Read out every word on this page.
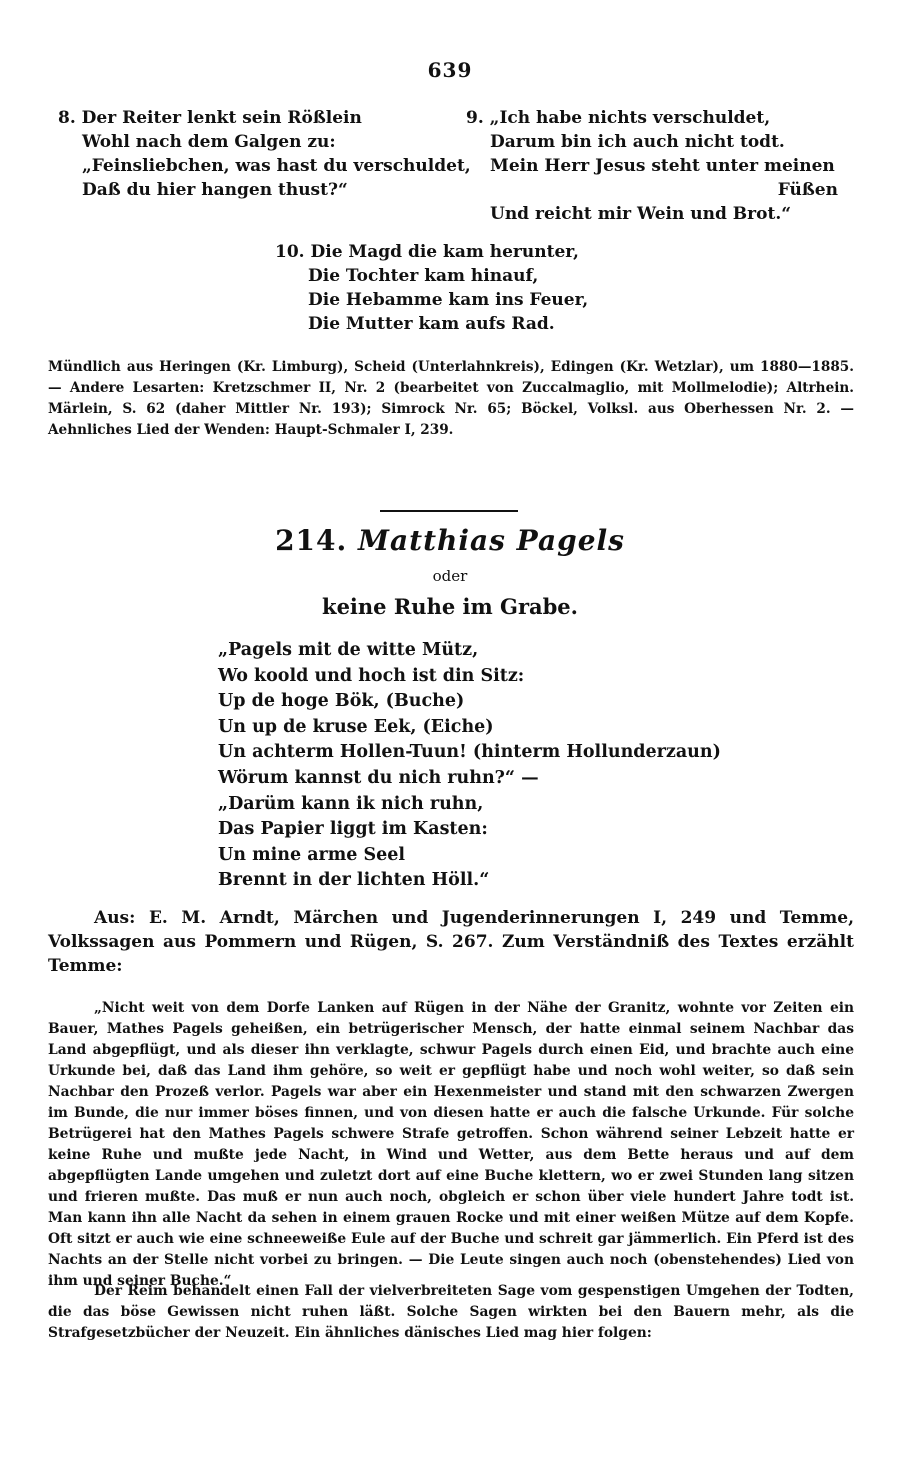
639
8. Der Reiter lenkt sein Rößlein
Wohl nach dem Galgen zu:
„Feinsliebchen, was hast du verschuldet,
Daß du hier hangen thust?“
9. „Ich habe nichts verschuldet,
Darum bin ich auch nicht todt.
Mein Herr Jesus steht unter meinen
Füßen
Und reicht mir Wein und Brot.“
10. Die Magd die kam herunter,
Die Tochter kam hinauf,
Die Hebamme kam ins Feuer,
Die Mutter kam aufs Rad.
Mündlich aus Heringen (Kr. Limburg), Scheid (Unterlahnkreis), Edingen (Kr. Wetzlar), um 1880—1885. — Andere Lesarten: Kretzschmer II, Nr. 2 (bearbeitet von Zuccalmaglio, mit Mollmelodie); Altrhein. Märlein, S. 62 (daher Mittler Nr. 193); Simrock Nr. 65; Böckel, Volksl. aus Oberhessen Nr. 2. — Aehnliches Lied der Wenden: Haupt-Schmaler I, 239.
214. Matthias Pagels
oder
keine Ruhe im Grabe.
„Pagels mit de witte Mütz,
Wo koold und hoch ist din Sitz:
Up de hoge Bök, (Buche)
Un up de kruse Eek, (Eiche)
Un achterm Hollen-Tuun! (hinterm Hollunderzaun)
Wörum kannst du nich ruhn?“ —
„Darüm kann ik nich ruhn,
Das Papier liggt im Kasten:
Un mine arme Seel
Brennt in der lichten Höll.“
Aus: E. M. Arndt, Märchen und Jugenderinnerungen I, 249 und Temme, Volkssagen aus Pommern und Rügen, S. 267. Zum Verständniß des Textes erzählt Temme:
„Nicht weit von dem Dorfe Lanken auf Rügen in der Nähe der Granitz, wohnte vor Zeiten ein Bauer, Mathes Pagels geheißen, ein betrügerischer Mensch, der hatte einmal seinem Nachbar das Land abgepflügt, und als dieser ihn verklagte, schwur Pagels durch einen Eid, und brachte auch eine Urkunde bei, daß das Land ihm gehöre, so weit er gepflügt habe und noch wohl weiter, so daß sein Nachbar den Prozeß verlor. Pagels war aber ein Hexenmeister und stand mit den schwarzen Zwergen im Bunde, die nur immer böses finnen, und von diesen hatte er auch die falsche Urkunde. Für solche Betrügerei hat den Mathes Pagels schwere Strafe getroffen. Schon während seiner Lebzeit hatte er keine Ruhe und mußte jede Nacht, in Wind und Wetter, aus dem Bette heraus und auf dem abgepflügten Lande umgehen und zuletzt dort auf eine Buche klettern, wo er zwei Stunden lang sitzen und frieren mußte. Das muß er nun auch noch, obgleich er schon über viele hundert Jahre todt ist. Man kann ihn alle Nacht da sehen in einem grauen Rocke und mit einer weißen Mütze auf dem Kopfe. Oft sitzt er auch wie eine schneeweiße Eule auf der Buche und schreit gar jämmerlich. Ein Pferd ist des Nachts an der Stelle nicht vorbei zu bringen. — Die Leute singen auch noch (obenstehendes) Lied von ihm und seiner Buche.“
Der Reim behandelt einen Fall der vielverbreiteten Sage vom gespenstigen Umgehen der Todten, die das böse Gewissen nicht ruhen läßt. Solche Sagen wirkten bei den Bauern mehr, als die Strafgesetzbücher der Neuzeit. Ein ähnliches dänisches Lied mag hier folgen:
